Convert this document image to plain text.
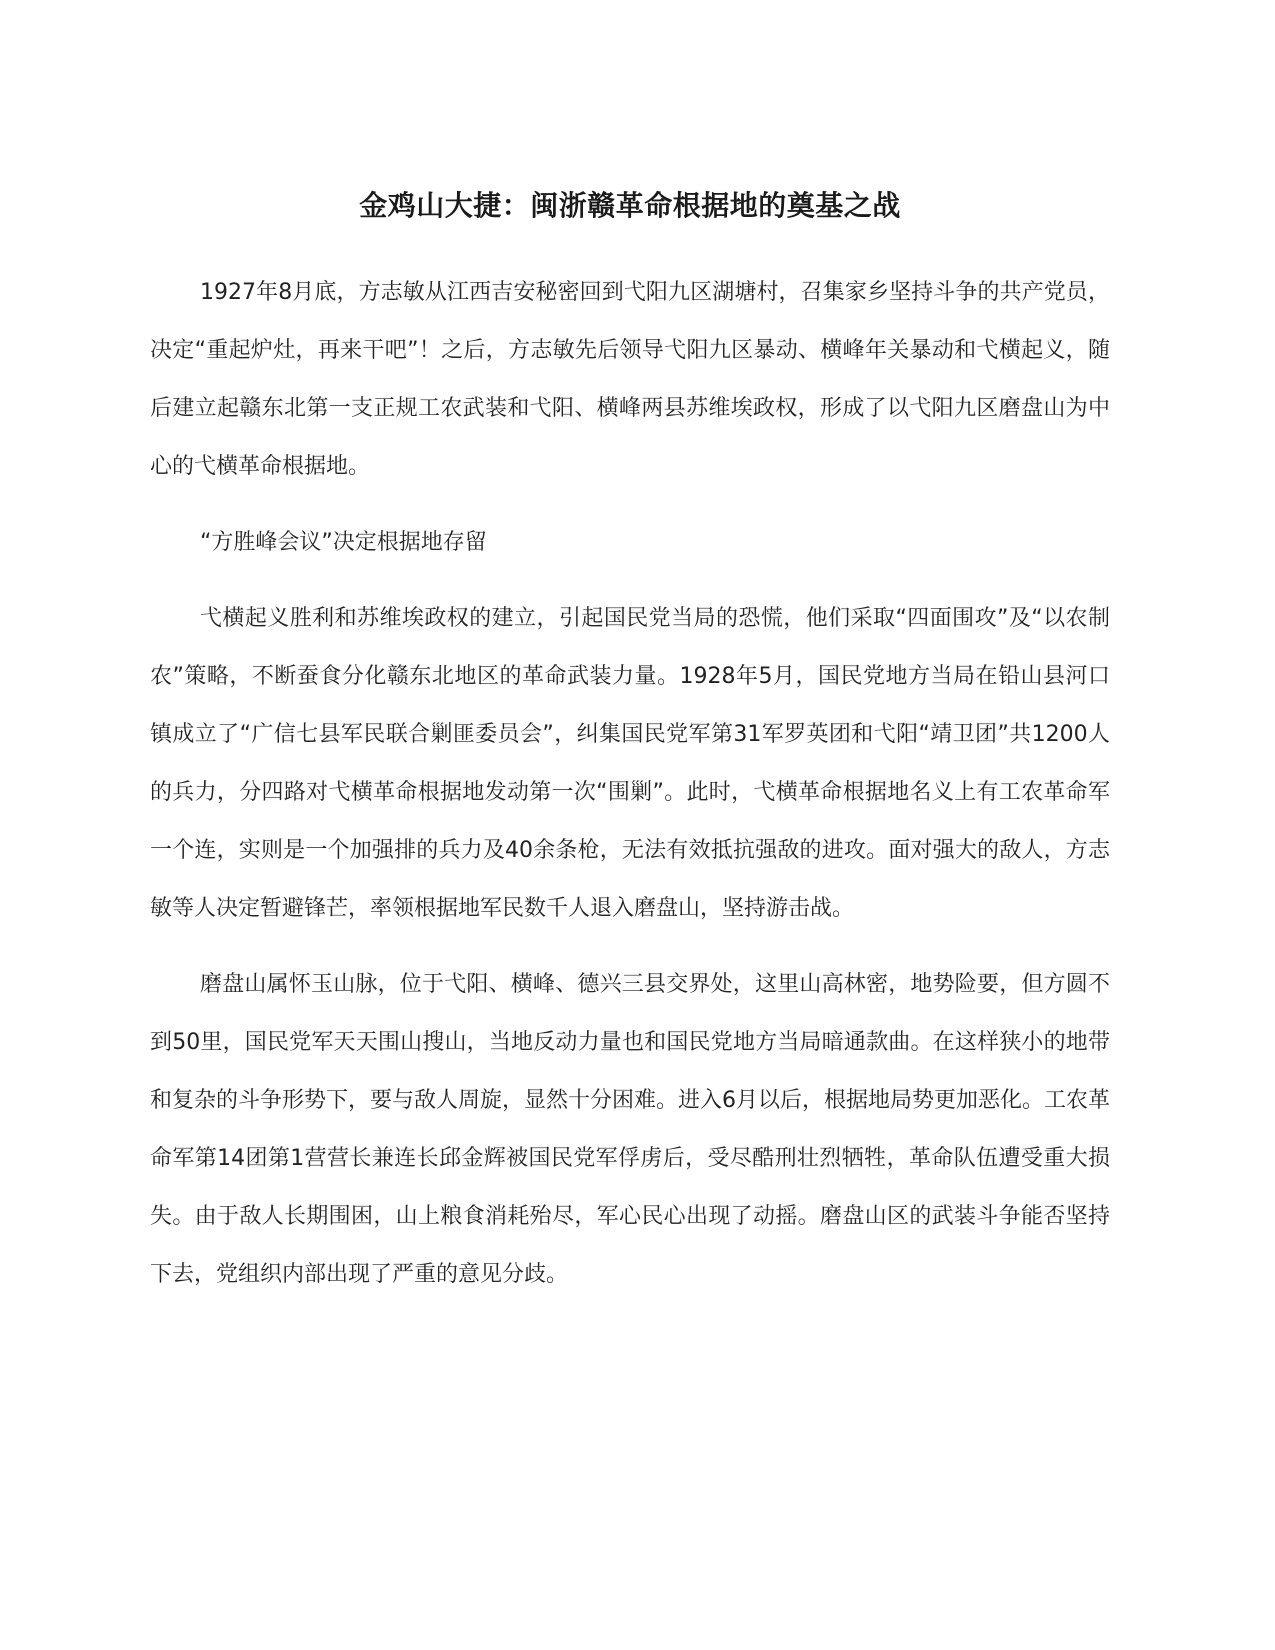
金鸡山大捷：闽浙赣革命根据地的奠基之战

1927年8月底，方志敏从江西吉安秘密回到弋阳九区湖塘村，召集家乡坚持斗争的共产党员，决定“重起炉灶，再来干吧”！之后，方志敏先后领导弋阳九区暴动、横峰年关暴动和弋横起义，随后建立起赣东北第一支正规工农武装和弋阳、横峰两县苏维埃政权，形成了以弋阳九区磨盘山为中心的弋横革命根据地。

“方胜峰会议”决定根据地存留

弋横起义胜利和苏维埃政权的建立，引起国民党当局的恐慌，他们采取“四面围攻”及“以农制农”策略，不断蚕食分化赣东北地区的革命武装力量。1928年5月，国民党地方当局在铅山县河口镇成立了“广信七县军民联合剿匪委员会”，纠集国民党军第31军罗英团和弋阳“靖卫团”共1200人的兵力，分四路对弋横革命根据地发动第一次“围剿”。此时，弋横革命根据地名义上有工农革命军一个连，实则是一个加强排的兵力及40余条枪，无法有效抵抗强敌的进攻。面对强大的敌人，方志敏等人决定暂避锋芒，率领根据地军民数千人退入磨盘山，坚持游击战。

磨盘山属怀玉山脉，位于弋阳、横峰、德兴三县交界处，这里山高林密，地势险要，但方圆不到50里，国民党军天天围山搜山，当地反动力量也和国民党地方当局暗通款曲。在这样狭小的地带和复杂的斗争形势下，要与敌人周旋，显然十分困难。进入6月以后，根据地局势更加恶化。工农革命军第14团第1营营长兼连长邱金辉被国民党军俘虏后，受尽酷刑壮烈牺牲，革命队伍遭受重大损失。由于敌人长期围困，山上粮食消耗殆尽，军心民心出现了动摇。磨盘山区的武装斗争能否坚持下去，党组织内部出现了严重的意见分歧。
